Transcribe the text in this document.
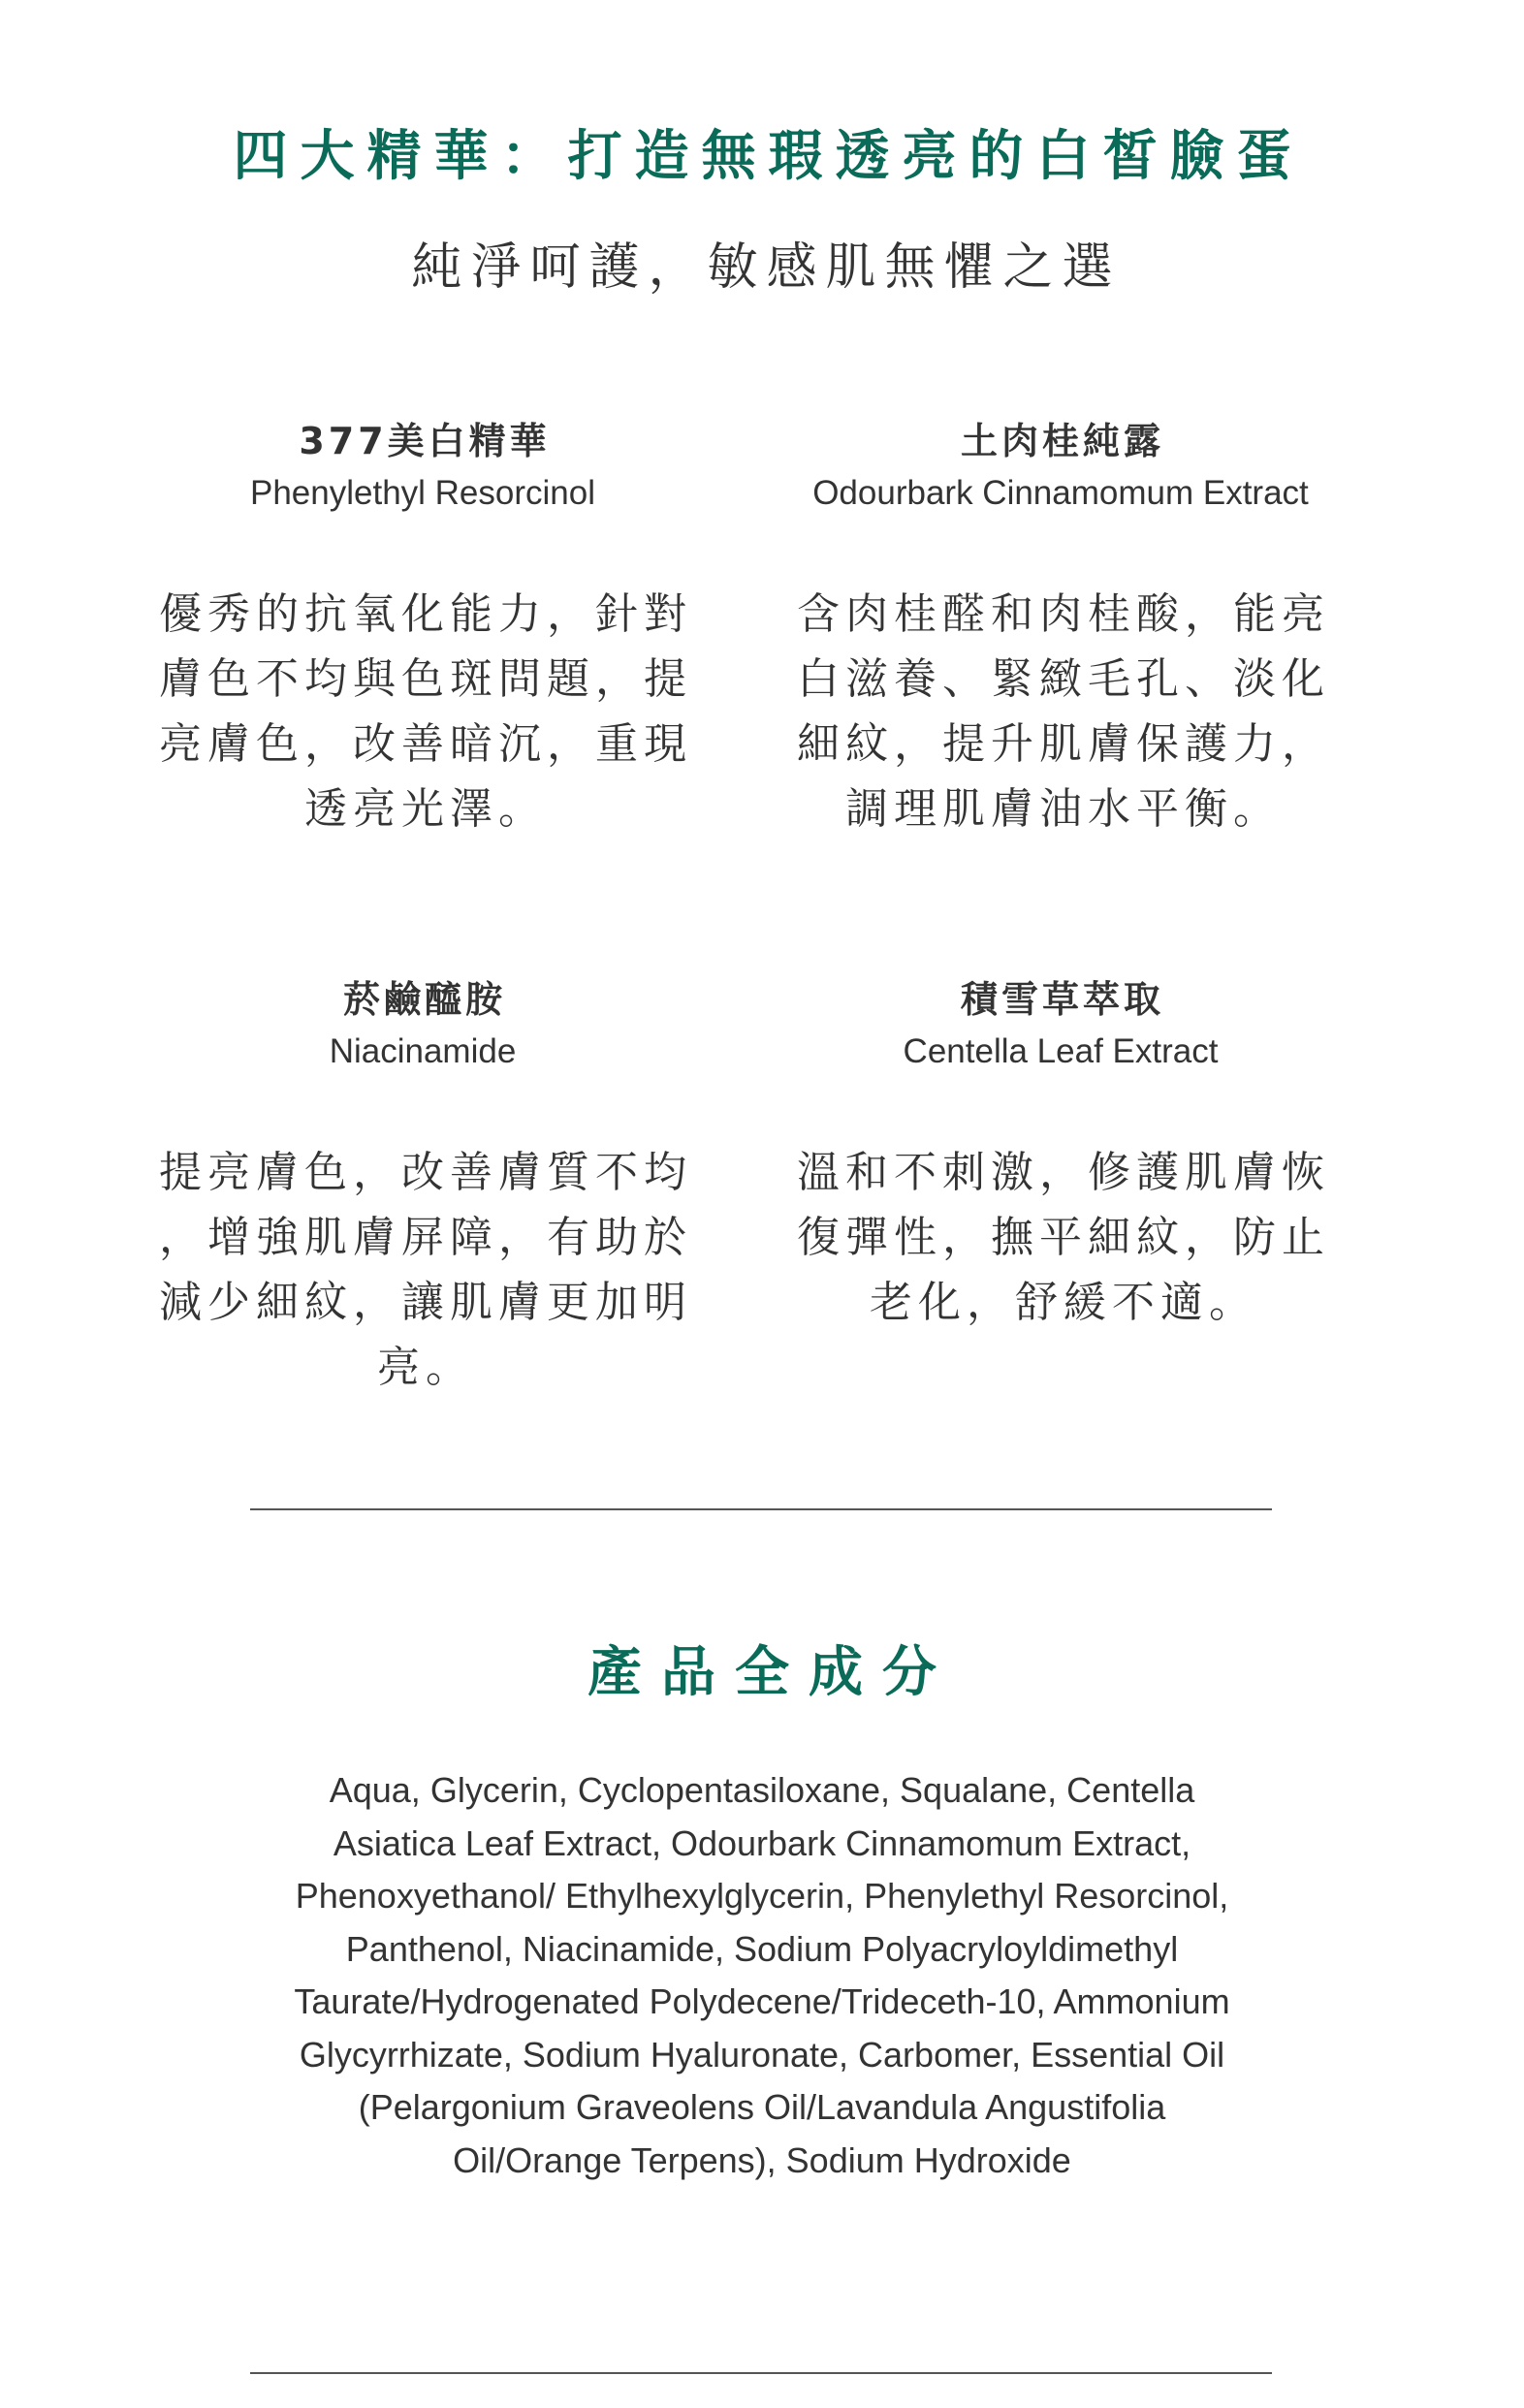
四大精華：打造無瑕透亮的白皙臉蛋
純淨呵護，敏感肌無懼之選
377美白精華
Phenylethyl Resorcinol
優秀的抗氧化能力，針對
膚色不均與色斑問題，提
亮膚色，改善暗沉，重現
透亮光澤。
土肉桂純露
Odourbark Cinnamomum Extract
含肉桂醛和肉桂酸，能亮
白滋養、緊緻毛孔、淡化
細紋，提升肌膚保護力，
調理肌膚油水平衡。
菸鹼醯胺
Niacinamide
提亮膚色，改善膚質不均
，增強肌膚屏障，有助於
減少細紋，讓肌膚更加明
亮。
積雪草萃取
Centella Leaf Extract
溫和不刺激，修護肌膚恢
復彈性，撫平細紋，防止
老化，舒緩不適。
產品全成分
Aqua, Glycerin, Cyclopentasiloxane, Squalane, Centella
Asiatica Leaf Extract, Odourbark Cinnamomum Extract,
Phenoxyethanol/ Ethylhexylglycerin, Phenylethyl Resorcinol,
Panthenol, Niacinamide, Sodium Polyacryloyldimethyl
Taurate/Hydrogenated Polydecene/Trideceth-10, Ammonium
Glycyrrhizate, Sodium Hyaluronate, Carbomer, Essential Oil
(Pelargonium Graveolens Oil/Lavandula Angustifolia
Oil/Orange Terpens), Sodium Hydroxide
